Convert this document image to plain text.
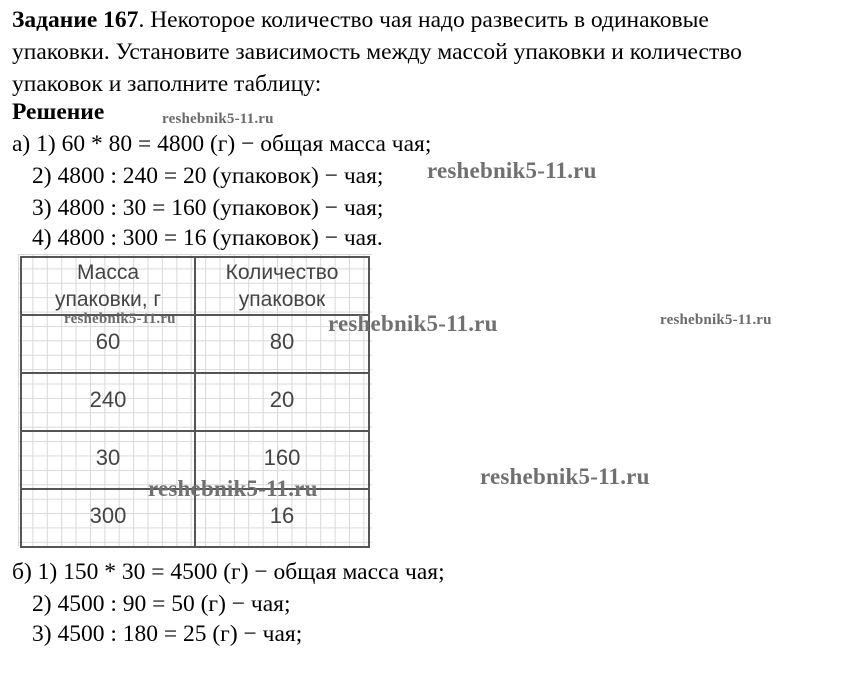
Задание 167. Некоторое количество чая надо развесить в одинаковые
упаковки. Установите зависимость между массой упаковки и количество
упаковок и заполните таблицу:
Решение
а) 1) 60 * 80 = 4800 (г) − общая масса чая;
2) 4800 : 240 = 20 (упаковок) − чая;
3) 4800 : 30 = 160 (упаковок) − чая;
4) 4800 : 300 = 16 (упаковок) − чая.
Масса
упаковки, г	Количество
упаковок

60	80

240	20

30	160

300	16
б) 1) 150 * 30 = 4500 (г) − общая масса чая;
2) 4500 : 90 = 50 (г) − чая;
3) 4500 : 180 = 25 (г) − чая;
reshebnik5-11.ru
reshebnik5-11.ru
reshebnik5-11.ru	reshebnik5-11.ru	reshebnik5-11.ru
reshebnik5-11.ru
reshebnik5-11.ru
